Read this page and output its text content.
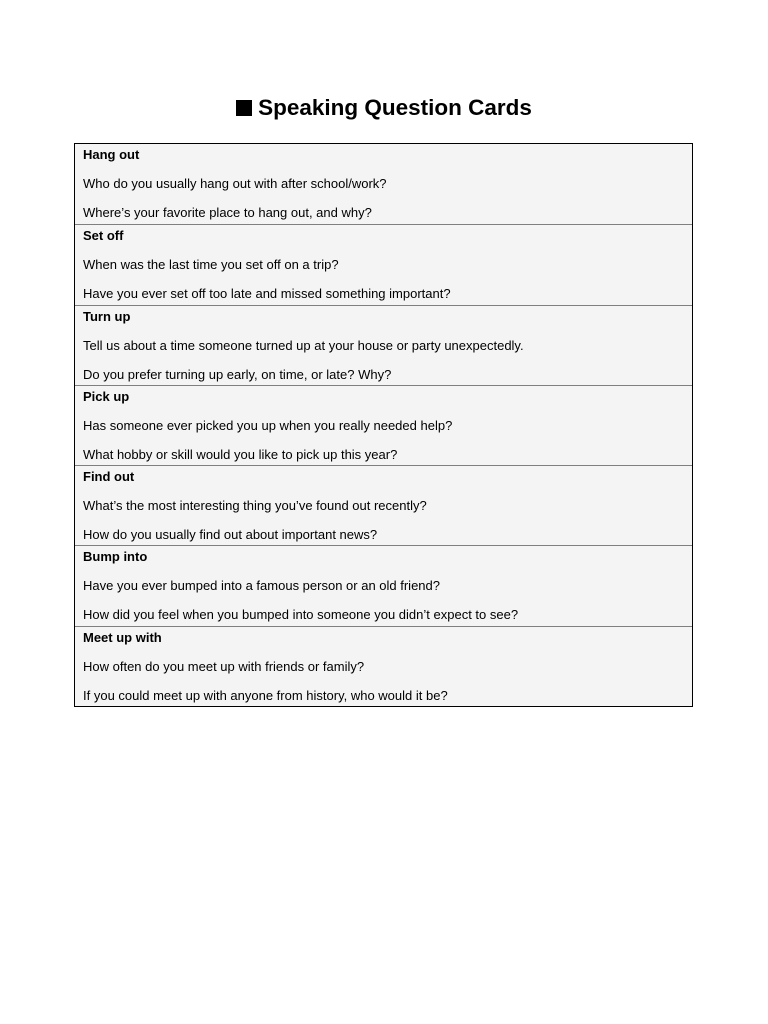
Speaking Question Cards
Hang out
Who do you usually hang out with after school/work?
Where’s your favorite place to hang out, and why?
Set off
When was the last time you set off on a trip?
Have you ever set off too late and missed something important?
Turn up
Tell us about a time someone turned up at your house or party unexpectedly.
Do you prefer turning up early, on time, or late? Why?
Pick up
Has someone ever picked you up when you really needed help?
What hobby or skill would you like to pick up this year?
Find out
What’s the most interesting thing you’ve found out recently?
How do you usually find out about important news?
Bump into
Have you ever bumped into a famous person or an old friend?
How did you feel when you bumped into someone you didn’t expect to see?
Meet up with
How often do you meet up with friends or family?
If you could meet up with anyone from history, who would it be?
